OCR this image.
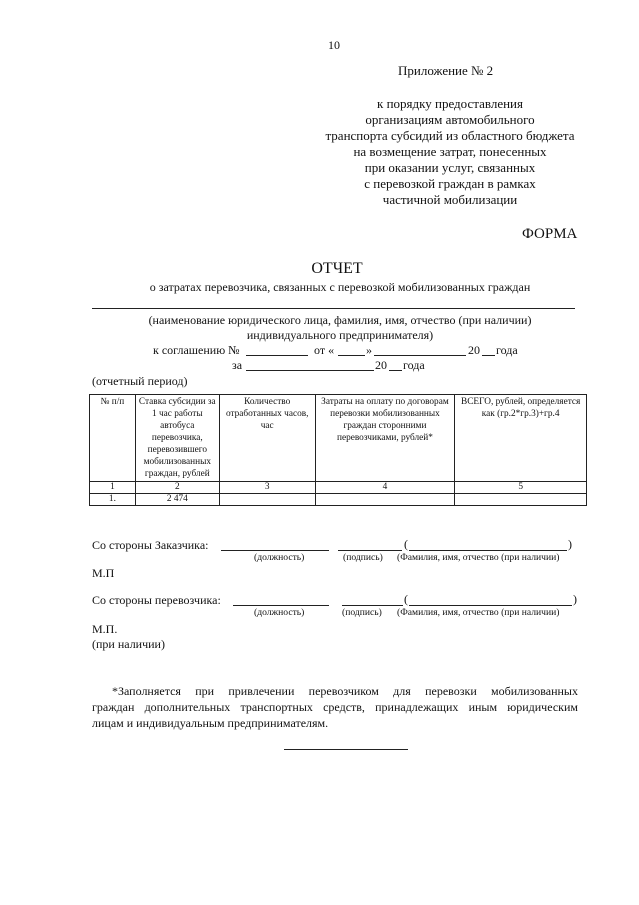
10
Приложение № 2
к порядку предоставления
организациям автомобильного
транспорта субсидий из областного бюджета
на возмещение затрат, понесенных
при оказании услуг, связанных
с перевозкой граждан в рамках
частичной мобилизации
ФОРМА
ОТЧЕТ
о затратах перевозчика, связанных с перевозкой мобилизованных граждан
(наименование юридического лица, фамилия, имя, отчество (при наличии)
индивидуального предпринимателя)
к соглашению №	от «	»	20 года
за	20 года
(отчетный период)
№ п/п	Ставка субсидии за 1 час работы автобуса перевозчика, перевозившего мобилизованных граждан, рублей	Количество отработанных часов, час	Затраты на оплату по договорам перевозки мобилизованных граждан сторонними перевозчиками, рублей*	ВСЕГО, рублей, определяется как (гр.2*гр.3)+гр.4
1	2	3	4	5
1.	2 474			
Со стороны Заказчика:	(	)
(должность)	(подпись) (Фамилия, имя, отчество (при наличии)
М.П
Со стороны перевозчика:	(	)
(должность)	(подпись) (Фамилия, имя, отчество (при наличии)
М.П.
(при наличии)
*Заполняется при привлечении перевозчиком для перевозки мобилизованных
граждан дополнительных транспортных средств, принадлежащих иным юридическим
лицам и индивидуальным предпринимателям.
